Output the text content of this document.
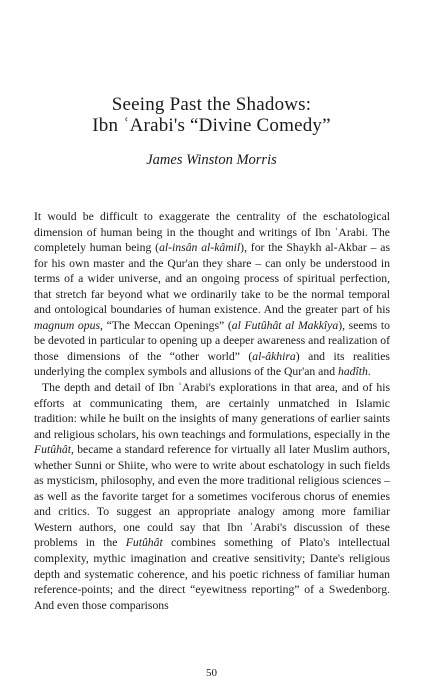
Seeing Past the Shadows:
Ibn ʿArabi's “Divine Comedy”
James Winston Morris

It would be difficult to exaggerate the centrality of the eschatological dimension of human being in the thought and writings of Ibn ʿArabi. The completely human being (al-insân al-kâmil), for the Shaykh al-Akbar – as for his own master and the Qur'an they share – can only be understood in terms of a wider universe, and an ongoing process of spiritual perfection, that stretch far beyond what we ordinarily take to be the normal temporal and ontological boundaries of human existence. And the greater part of his magnum opus, “The Meccan Openings” (al Futûhât al Makkîya), seems to be devoted in particular to opening up a deeper awareness and realization of those dimensions of the “other world” (al-âkhira) and its realities underlying the complex symbols and allusions of the Qur'an and hadîth.

The depth and detail of Ibn ʿArabi's explorations in that area, and of his efforts at communicating them, are certainly unmatched in Islamic tradition: while he built on the insights of many generations of earlier saints and religious scholars, his own teachings and formulations, especially in the Futûhât, became a standard reference for virtually all later Muslim authors, whether Sunni or Shiite, who were to write about eschatology in such fields as mysticism, philosophy, and even the more traditional religious sciences – as well as the favorite target for a sometimes vociferous chorus of enemies and critics. To suggest an appropriate analogy among more familiar Western authors, one could say that Ibn ʿArabi's discussion of these problems in the Futûhât combines something of Plato's intellectual complexity, mythic imagination and creative sensitivity; Dante's religious depth and systematic coherence, and his poetic richness of familiar human reference-points; and the direct “eyewitness reporting” of a Swedenborg. And even those comparisons

50
